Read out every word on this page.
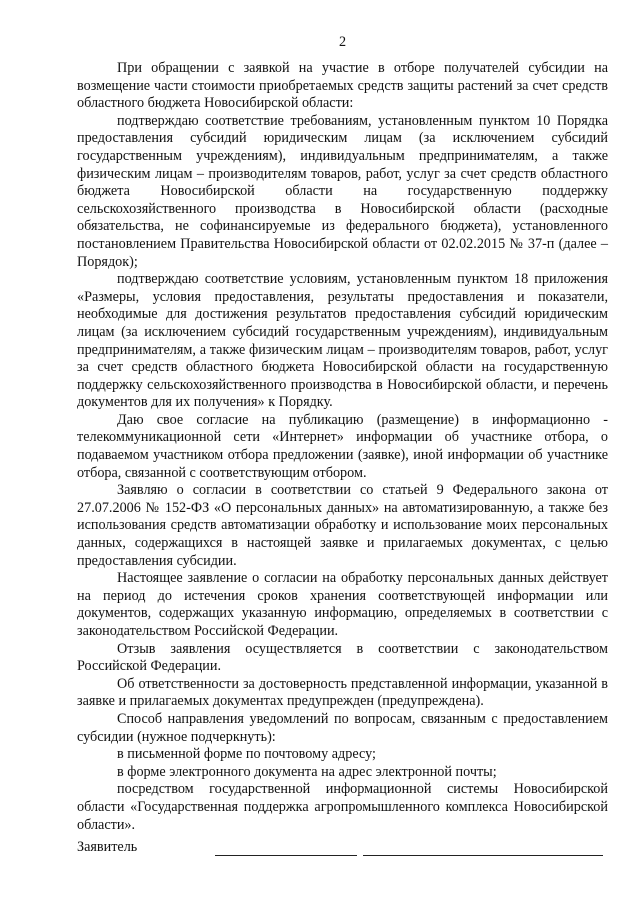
2

При обращении с заявкой на участие в отборе получателей субсидии на возмещение части стоимости приобретаемых средств защиты растений за счет средств областного бюджета Новосибирской области:

подтверждаю соответствие требованиям, установленным пунктом 10 Порядка предоставления субсидий юридическим лицам (за исключением субсидий государственным учреждениям), индивидуальным предпринимателям, а также физическим лицам – производителям товаров, работ, услуг за счет средств областного бюджета Новосибирской области на государственную поддержку сельскохозяйственного производства в Новосибирской области (расходные обязательства, не софинансируемые из федерального бюджета), установленного постановлением Правительства Новосибирской области от 02.02.2015 № 37-п (далее – Порядок);

подтверждаю соответствие условиям, установленным пунктом 18 приложения «Размеры, условия предоставления, результаты предоставления и показатели, необходимые для достижения результатов предоставления субсидий юридическим лицам (за исключением субсидий государственным учреждениям), индивидуальным предпринимателям, а также физическим лицам – производителям товаров, работ, услуг за счет средств областного бюджета Новосибирской области на государственную поддержку сельскохозяйственного производства в Новосибирской области, и перечень документов для их получения» к Порядку.

Даю свое согласие на публикацию (размещение) в информационно - телекоммуникационной сети «Интернет» информации об участнике отбора, о подаваемом участником отбора предложении (заявке), иной информации об участнике отбора, связанной с соответствующим отбором.

Заявляю о согласии в соответствии со статьей 9 Федерального закона от 27.07.2006 № 152-ФЗ «О персональных данных» на автоматизированную, а также без использования средств автоматизации обработку и использование моих персональных данных, содержащихся в настоящей заявке и прилагаемых документах, с целью предоставления субсидии.

Настоящее заявление о согласии на обработку персональных данных действует на период до истечения сроков хранения соответствующей информации или документов, содержащих указанную информацию, определяемых в соответствии с законодательством Российской Федерации.

Отзыв заявления осуществляется в соответствии с законодательством Российской Федерации.

Об ответственности за достоверность представленной информации, указанной в заявке и прилагаемых документах предупрежден (предупреждена).

Способ направления уведомлений по вопросам, связанным с предоставлением субсидии (нужное подчеркнуть):

в письменной форме по почтовому адресу;

в форме электронного документа на адрес электронной почты;

посредством государственной информационной системы Новосибирской области «Государственная поддержка агропромышленного комплекса Новосибирской области».

Заявитель
